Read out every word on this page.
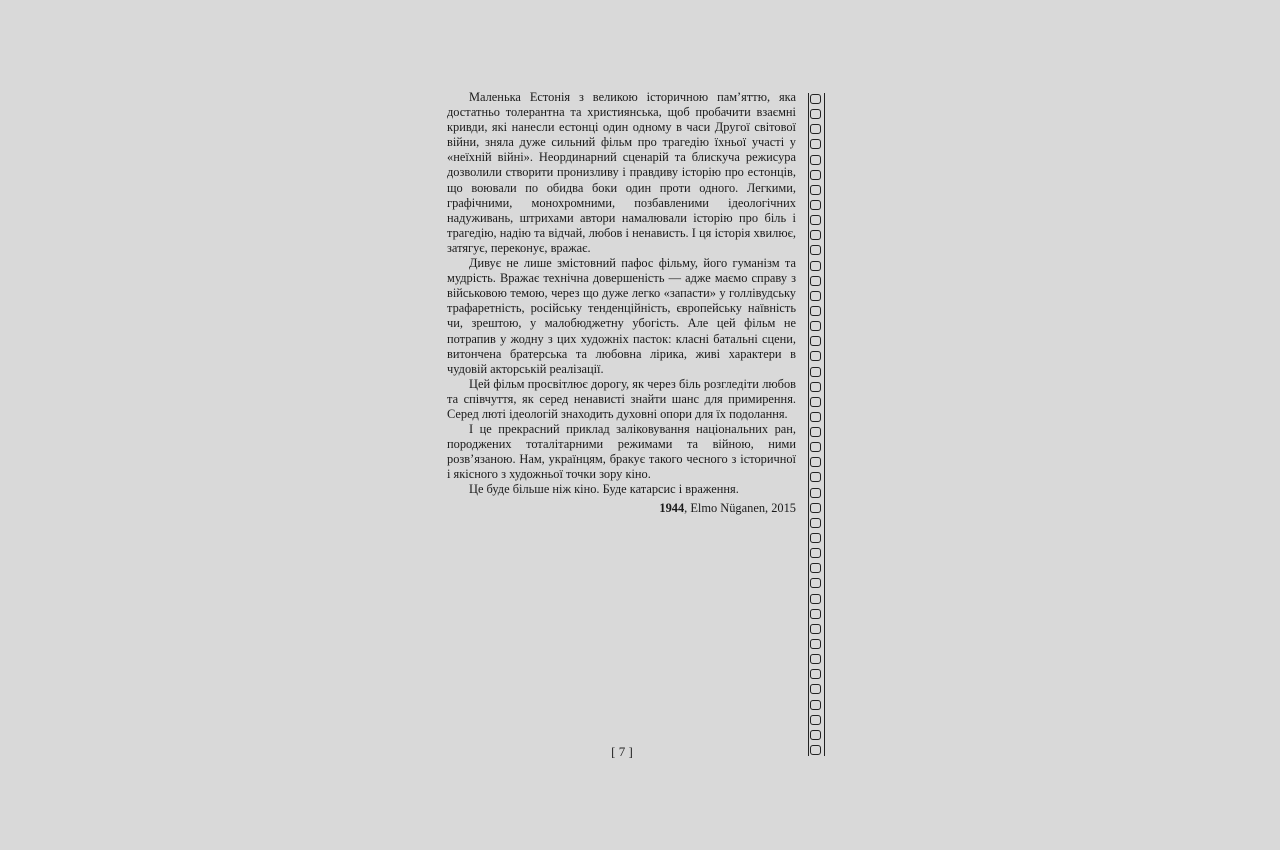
Маленька Естонія з великою історичною пам’яттю, яка достатньо толерантна та християнська, щоб пробачити взаємні кривди, які нанесли естонці один одному в часи Другої світової війни, зняла дуже сильний фільм про трагедію їхньої участі у «неїхній війні». Неординарний сценарій та блискуча режисура дозволили створити пронизливу і правдиву історію про естонців, що воювали по обидва боки один проти одного. Легкими, графічними, монохромними, позбавленими ідеологічних надуживань, штрихами автори намалювали історію про біль і трагедію, надію та відчай, любов і ненависть. І ця історія хвилює, затягує, переконує, вражає.

Дивує не лише змістовний пафос фільму, його гуманізм та мудрість. Вражає технічна довершеність — адже маємо справу з військовою темою, через що дуже легко «запасти» у голлівудську трафаретність, російську тенденційність, європейську наївність чи, зрештою, у малобюджетну убогість. Але цей фільм не потрапив у жодну з цих художніх пасток: класні батальні сцени, витончена братерська та любовна лірика, живі характери в чудовій акторській реалізації.

Цей фільм просвітлює дорогу, як через біль розгледіти любов та співчуття, як серед ненависті знайти шанс для примирення. Серед люті ідеологій знаходить духовні опори для їх подолання.

І це прекрасний приклад заліковування національних ран, породжених тоталітарними режимами та війною, ними розв’язаною. Нам, українцям, бракує такого чесного з історичної і якісного з художньої точки зору кіно.

Це буде більше ніж кіно. Буде катарсис і враження.

1944, Elmo Nüganen, 2015
[ 7 ]
